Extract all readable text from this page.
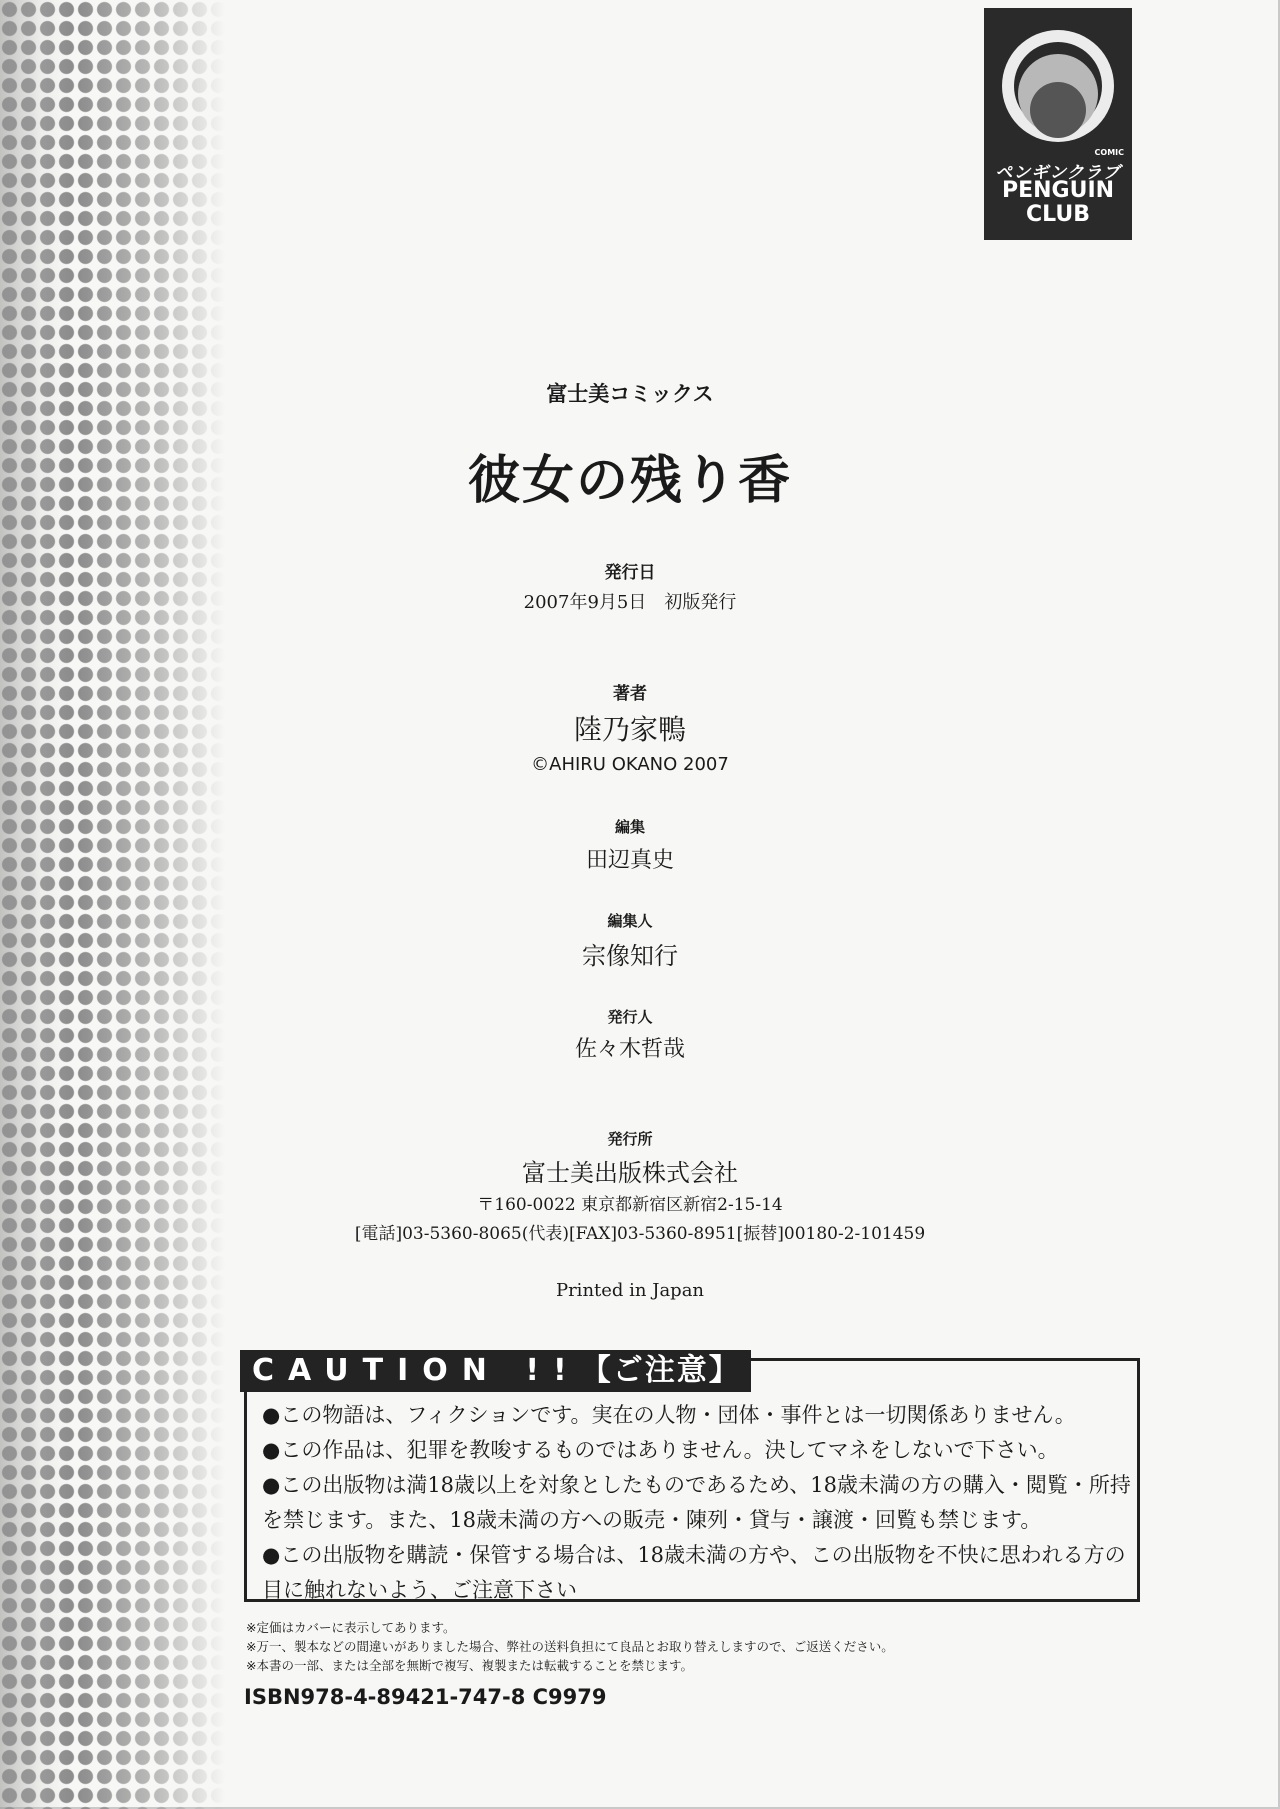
COMIC
ペンギンクラブ
PENGUIN
CLUB
富士美コミックス
彼女の残り香
発行日
2007年9月5日　初版発行
著者
陸乃家鴨
©AHIRU OKANO 2007
編集
田辺真史
編集人
宗像知行
発行人
佐々木哲哉
発行所
富士美出版株式会社
〒160-0022 東京都新宿区新宿2-15-14
[電話]03-5360-8065(代表)[FAX]03-5360-8951[振替]00180-2-101459
Printed in Japan
CAUTION !!【ご注意】
●この物語は、フィクションです。実在の人物・団体・事件とは一切関係ありません。
●この作品は、犯罪を教唆するものではありません。決してマネをしないで下さい。
●この出版物は満18歳以上を対象としたものであるため、18歳未満の方の購入・閲覧・所持
を禁じます。また、18歳未満の方への販売・陳列・貸与・譲渡・回覧も禁じます。
●この出版物を購読・保管する場合は、18歳未満の方や、この出版物を不快に思われる方の
目に触れないよう、ご注意下さい
※定価はカバーに表示してあります。
※万一、製本などの間違いがありました場合、弊社の送料負担にて良品とお取り替えしますので、ご返送ください。
※本書の一部、または全部を無断で複写、複製または転載することを禁じます。
ISBN978-4-89421-747-8 C9979
